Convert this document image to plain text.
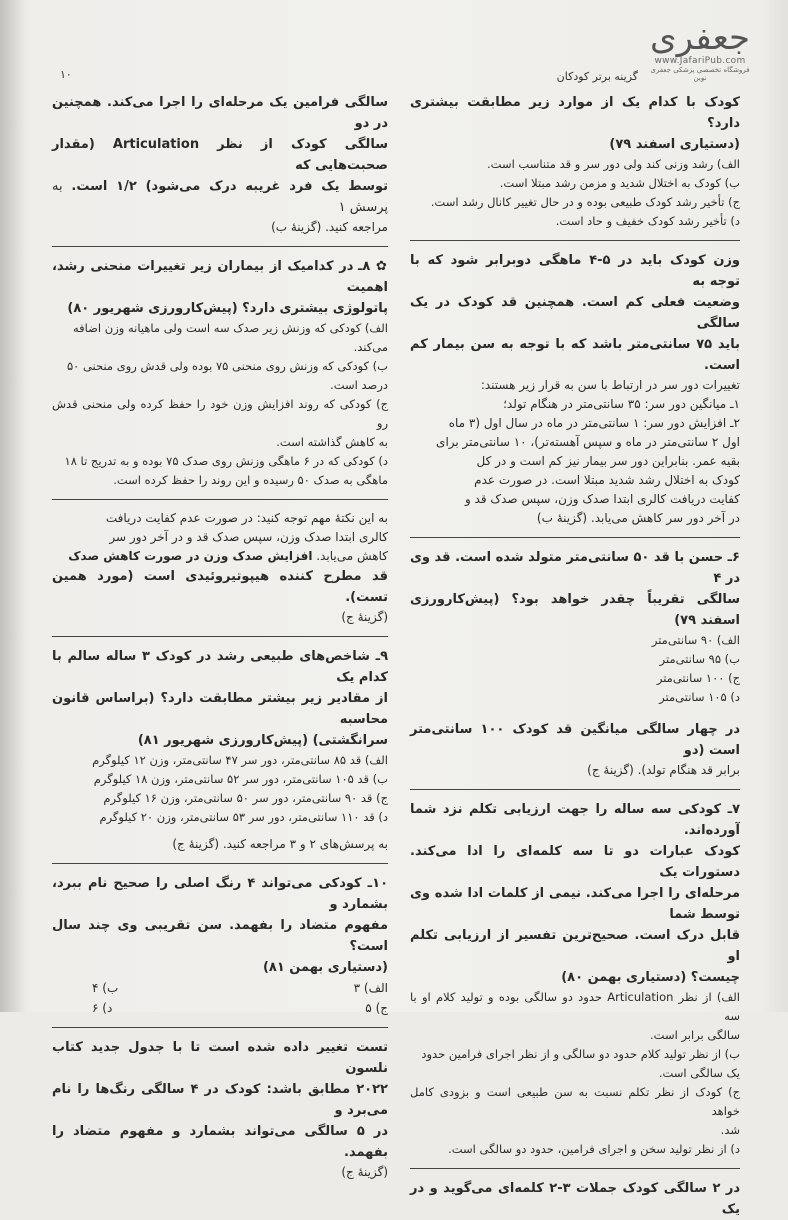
۱۰	گزینه برتر کودکان
جعفری
www.JafariPub.com
فروشگاه تخصصی پزشکی جعفری نوین

کودک با کدام یک از موارد زیر مطابقت بیشتری دارد؟

(دستیاری اسفند ۷۹)

الف) رشد وزنی کند ولی دور سر و قد متناسب است.

ب) کودک به اختلال شدید و مزمن رشد مبتلا است.

ج) تأخیر رشد کودک طبیعی بوده و در حال تغییر کانال رشد است.

د) تأخیر رشد کودک خفیف و حاد است.

وزن کودک باید در ۵-۴ ماهگی دوبرابر شود که با توجه به

وضعیت فعلی کم است. همچنین قد کودک در یک سالگی

باید ۷۵ سانتی‌متر باشد که با توجه به سن بیمار کم است.

تغییرات دور سر در ارتباط با سن به قرار زیر هستند:

۱ـ میانگین دور سر: ۳۵ سانتی‌متر در هنگام تولد؛

۲ـ افزایش دور سر: ۱ سانتی‌متر در ماه در سال اول (۳ ماه

اول ۲ سانتی‌متر در ماه و سپس آهسته‌تر)، ۱۰ سانتی‌متر برای

بقیه عمر. بنابراین دور سر بیمار نیز کم است و در کل

کودک به اختلال رشد شدید مبتلا است. در صورت عدم

کفایت دریافت کالری ابتدا صدک وزن، سپس صدک قد و

در آخر دور سر کاهش می‌یابد. (گزینهٔ ب)

۶ـ حسن با قد ۵۰ سانتی‌متر متولد شده است. قد وی در ۴

سالگی تقریباً چقدر خواهد بود؟ (پیش‌کارورزی اسفند ۷۹)

الف) ۹۰ سانتی‌متر

ب) ۹۵ سانتی‌متر

ج) ۱۰۰ سانتی‌متر

د) ۱۰۵ سانتی‌متر

در چهار سالگی میانگین قد کودک ۱۰۰ سانتی‌متر است (دو

برابر قد هنگام تولد). (گزینهٔ ج)

۷ـ کودکی سه ساله را جهت ارزیابی تکلم نزد شما آورده‌اند.

کودک عبارات دو تا سه کلمه‌ای را ادا می‌کند. دستورات یک

مرحله‌ای را اجرا می‌کند. نیمی از کلمات ادا شده وی توسط شما

قابل درک است. صحیح‌ترین تفسیر از ارزیابی تکلم او

چیست؟ (دستیاری بهمن ۸۰)

الف) از نظر Articulation حدود دو سالگی بوده و تولید کلام او با سه

سالگی برابر است.

ب) از نظر تولید کلام حدود دو سالگی و از نظر اجرای فرامین حدود

یک سالگی است.

ج) کودک از نظر تکلم نسبت به سن طبیعی است و بزودی کامل خواهد

شد.

د) از نظر تولید سخن و اجرای فرامین، حدود دو سالگی است.

در ۲ سالگی کودک جملات ۳-۲ کلمه‌ای می‌گوید و در یک

سالگی فرامین یک مرحله‌ای را اجرا می‌کند. همچنین در دو

سالگی کودک از نظر Articulation (مقدار صحبت‌هایی که

توسط یک فرد غریبه درک می‌شود) ۱/۲ است. به پرسش ۱

مراجعه کنید. (گزینهٔ ب)

✿ ۸ـ در کدامیک از بیماران زیر تغییرات منحنی رشد، اهمیت

پاتولوژی بیشتری دارد؟ (پیش‌کارورزی شهریور ۸۰)

الف) کودکی که وزنش زیر صدک سه است ولی ماهیانه وزن اضافه

می‌کند.

ب) کودکی که وزنش روی منحنی ۷۵ بوده ولی قدش روی منحنی ۵۰

درصد است.

ج) کودکی که روند افزایش وزن خود را حفظ کرده ولی منحنی قدش رو

به کاهش گذاشته است.

د) کودکی که در ۶ ماهگی وزنش روی صدک ۷۵ بوده و به تدریج تا ۱۸

ماهگی به صدک ۵۰ رسیده و این روند را حفظ کرده است.

به این نکتهٔ مهم توجه کنید: در صورت عدم کفایت دریافت

کالری ابتدا صدک وزن، سپس صدک قد و در آخر دور سر

کاهش می‌یابد. افزایش صدک وزن در صورت کاهش صدک

قد مطرح کننده هیپوتیروئیدی است (مورد همین تست).

(گزینهٔ ج)

۹ـ شاخص‌های طبیعی رشد در کودک ۳ ساله سالم با کدام یک

از مقادیر زیر بیشتر مطابقت دارد؟ (براساس قانون محاسبه

سرانگشتی) (پیش‌کارورزی شهریور ۸۱)

الف) قد ۸۵ سانتی‌متر، دور سر ۴۷ سانتی‌متر، وزن ۱۲ کیلوگرم

ب) قد ۱۰۵ سانتی‌متر، دور سر ۵۲ سانتی‌متر، وزن ۱۸ کیلوگرم

ج) قد ۹۰ سانتی‌متر، دور سر ۵۰ سانتی‌متر، وزن ۱۶ کیلوگرم

د) قد ۱۱۰ سانتی‌متر، دور سر ۵۳ سانتی‌متر، وزن ۲۰ کیلوگرم

به پرسش‌های ۲ و ۳ مراجعه کنید. (گزینهٔ ج)

۱۰ـ کودکی می‌تواند ۴ رنگ اصلی را صحیح نام ببرد، بشمارد و

مفهوم متضاد را بفهمد. سن تقریبی وی چند سال است؟

(دستیاری بهمن ۸۱)

الف) ۳
ب) ۴
ج) ۵
د) ۶

تست تغییر داده شده است تا با جدول جدید کتاب نلسون

۲۰۲۲ مطابق باشد: کودک در ۴ سالگی رنگ‌ها را نام می‌برد و

در ۵ سالگی می‌تواند بشمارد و مفهوم متضاد را بفهمد.

(گزینهٔ ج)
